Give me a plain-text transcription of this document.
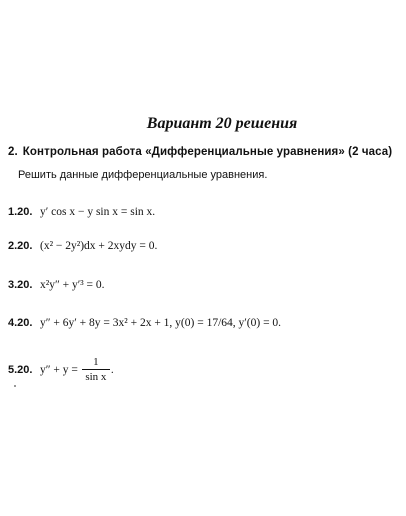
Вариант 20 решения
2. Контрольная работа «Дифференциальные уравнения» (2 часа)
Решить данные дифференциальные уравнения.
1.20. y′ cos x − y sin x = sin x.
2.20. (x² − 2y²)dx + 2xydy = 0.
3.20. x²y″ + y′³ = 0.
4.20. y″ + 6y′ + 8y = 3x² + 2x + 1, y(0) = 17/64, y′(0) = 0.
5.20. $y'' + y = \frac{1}{\text{sin x}}$ .
